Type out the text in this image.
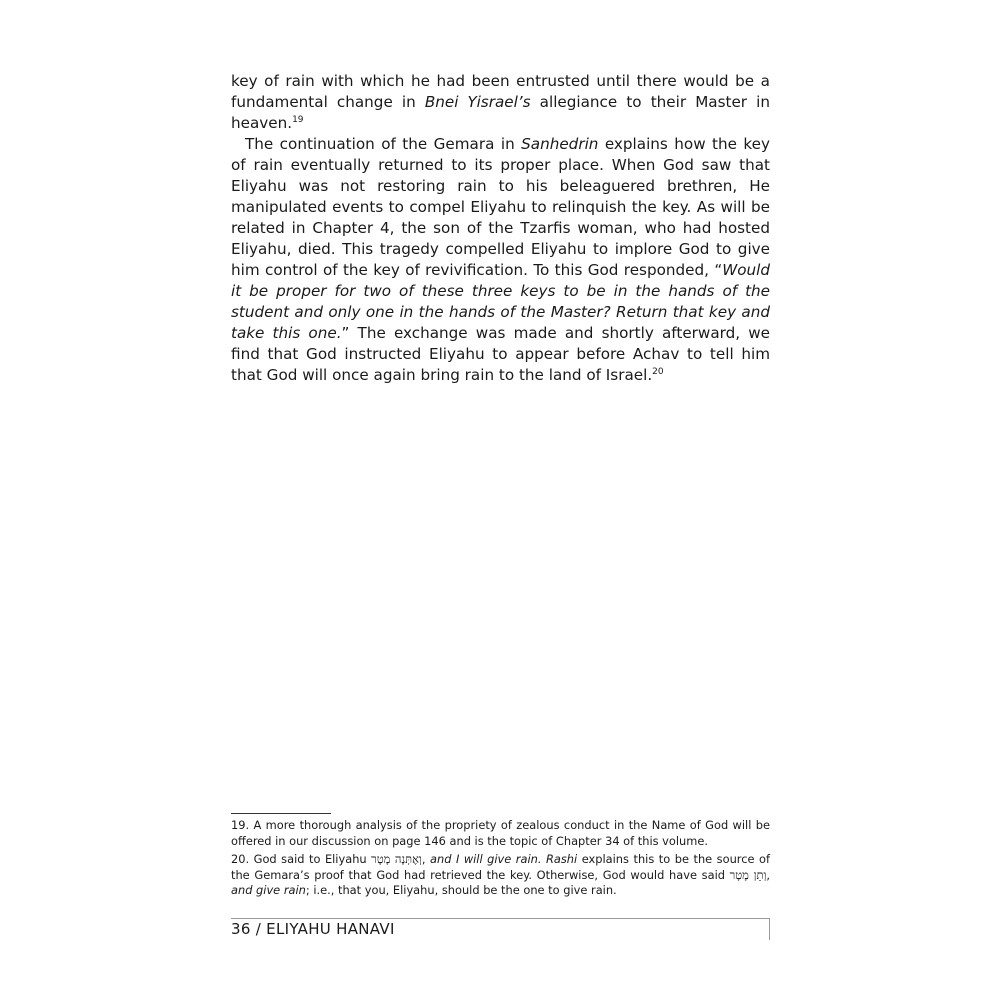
key of rain with which he had been entrusted until there would be a fundamental change in Bnei Yisrael’s allegiance to their Master in heaven.$^{19}$

The continuation of the Gemara in Sanhedrin explains how the key of rain eventually returned to its proper place. When God saw that Eliyahu was not restoring rain to his beleaguered brethren, He manipulated events to compel Eliyahu to relinquish the key. As will be related in Chapter 4, the son of the Tzarfis woman, who had hosted Eliyahu, died. This tragedy compelled Eliyahu to implore God to give him control of the key of revivification. To this God responded, “Would it be proper for two of these three keys to be in the hands of the student and only one in the hands of the Master? Return that key and take this one.” The exchange was made and shortly afterward, we find that God instructed Eliyahu to appear before Achav to tell him that God will once again bring rain to the land of Israel.$^{20}$

19. A more thorough analysis of the propriety of zealous conduct in the Name of God will be offered in our discussion on page 146 and is the topic of Chapter 34 of this volume.

20. God said to Eliyahu וְאֶתְּנָה מָטָר, and I will give rain. Rashi explains this to be the source of the Gemara’s proof that God had retrieved the key. Otherwise, God would have said וְתֵן מָטָר, and give rain; i.e., that you, Eliyahu, should be the one to give rain.

36 / ELIYAHU HANAVI
